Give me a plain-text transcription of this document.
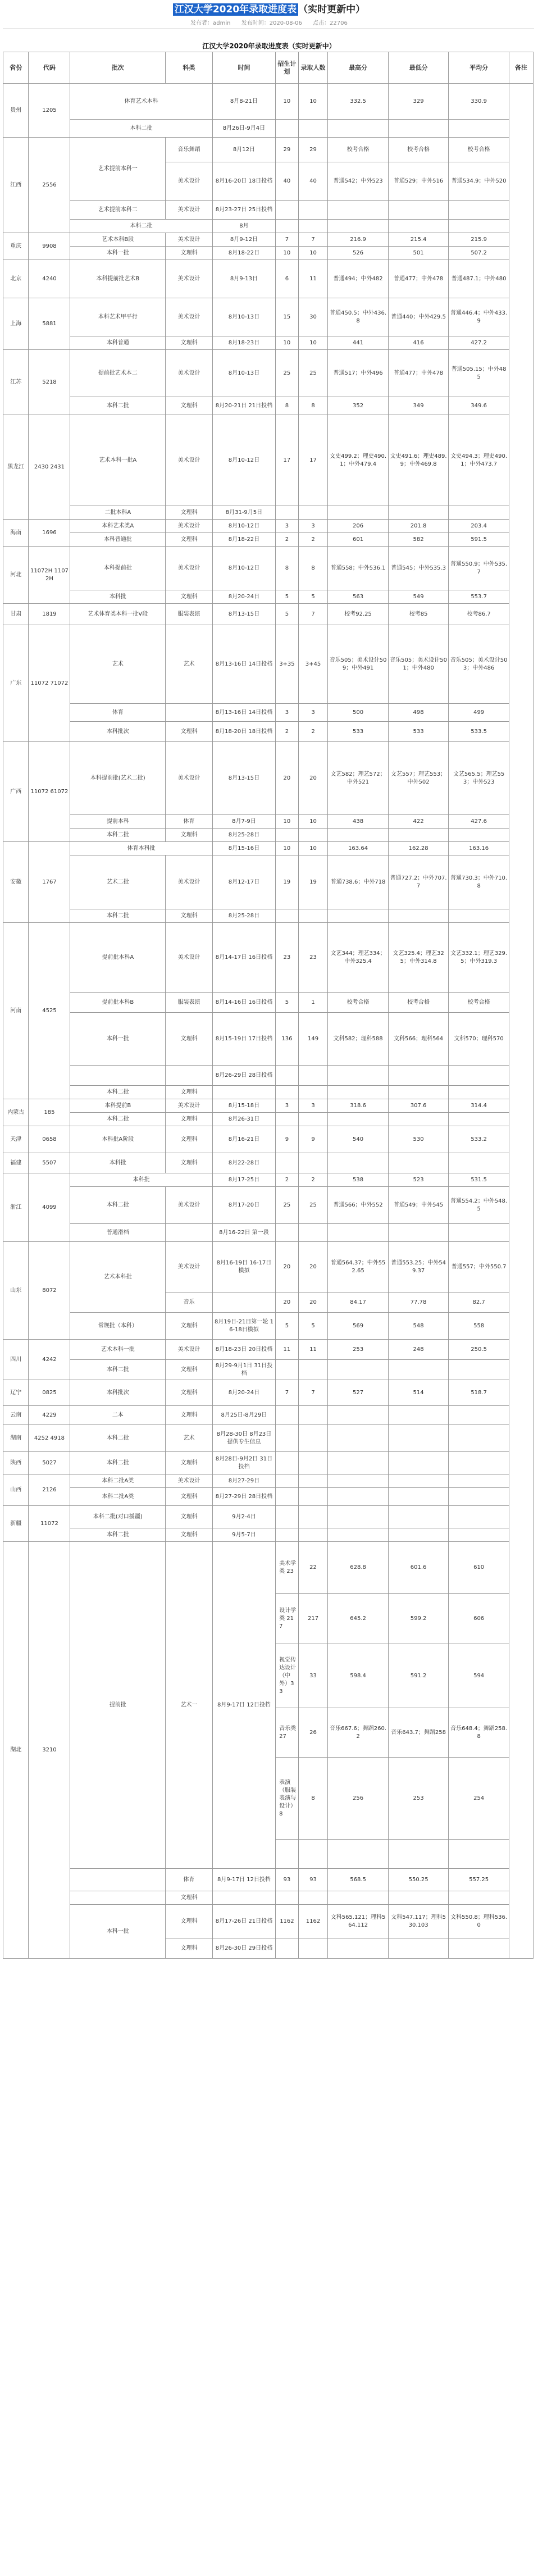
江汉大学2020年录取进度表 （实时更新中）
发布者：admin 发布时间：2020-08-06 点击：22706
江汉大学2020年录取进度表（实时更新中）
省份	代码	批次	科类	时间	招生计划	录取人数	最高分	最低分	平均分	备注
贵州	1205	体育艺术本科		8月8-21日	10	10	332.5	329	330.9	
		本科二批		8月26日-9月4日						
江西	2556	艺术提前本科一	音乐舞蹈	8月12日	29	29	校考合格	校考合格	校考合格	
			美术设计	8月16-20日 18日投档	40	40	普通542；中外523	普通529；中外516	普通534.9；中外520	
		艺术提前本科二	美术设计	8月23-27日 25日投档						
		本科二批		8月						
重庆	9908	艺术本科B段	美术设计	8月9-12日	7	7	216.9	215.4	215.9	
		本科一批	文理科	8月18-22日	10	10	526	501	507.2	
北京	4240	本科提前批艺术B	美术设计	8月9-13日	6	11	普通494；中外482	普通477；中外478	普通487.1；中外480	
上海	5881	本科艺术甲平行	美术设计	8月10-13日	15	30	普通450.5；中外436.8	普通440；中外429.5	普通446.4；中外433.9	
		本科普通	文理科	8月18-23日	10	10	441	416	427.2	
江苏	5218	提前批艺术本二	美术设计	8月10-13日	25	25	普通517；中外496	普通477；中外478	普通505.15；中外485	
		本科二批	文理科	8月20-21日 21日投档	8	8	352	349	349.6	
黑龙江	2430 2431	艺术本科一批A	美术设计	8月10-12日	17	17	文史499.2；理史490.1；中外479.4	文史491.6；理史489.9；中外469.8	文史494.3；理史490.1；中外473.7	
		二批本科A	文理科	8月31-9月5日						
海南	1696	本科艺术类A	美术设计	8月10-12日	3	3	206	201.8	203.4	
		本科普通批	文理科	8月18-22日	2	2	601	582	591.5	
河北	11072H 11072H	本科提前批	美术设计	8月10-12日	8	8	普通558；中外536.1	普通545；中外535.3	普通550.9；中外535.7	
		本科批	文理科	8月20-24日	5	5	563	549	553.7	
甘肃	1819	艺术体育类本科一批V段	服装表演	8月13-15日	5	7	校考92.25	校考85	校考86.7	
广东	11072 71072	艺术	艺术	8月13-16日 14日投档	3+35	3+45	音乐505；美术设计509；中外491	音乐505；美术设计501；中外480	音乐505；美术设计503；中外486	
		体育		8月13-16日 14日投档	3	3	500	498	499	
		本科批次	文理科	8月18-20日 18日投档	2	2	533	533	533.5	
广西	11072 61072	本科提前批(艺术二批)	美术设计	8月13-15日	20	20	文艺582；理艺572；中外521	文艺557；理艺553；中外502	文艺565.5；理艺553；中外523	
		提前本科	体育	8月7-9日	10	10	438	422	427.6	
		本科二批	文理科	8月25-28日						
安徽	1767	体育本科批		8月15-16日	10	10	163.64	162.28	163.16	
		艺术二批	美术设计	8月12-17日	19	19	普通738.6；中外718	普通727.2；中外707.7	普通730.3；中外710.8	
		本科二批	文理科	8月25-28日						
河南	4525	提前批本科A	美术设计	8月14-17日 16日投档	23	23	文艺344；理艺334；中外325.4	文艺325.4；理艺325；中外314.8	文艺332.1；理艺329.5；中外319.3	
		提前批本科B	服装表演	8月14-16日 16日投档	5	1	校考合格	校考合格	校考合格	
		本科一批	文理科	8月15-19日 17日投档	136	149	文科582；理科588	文科566；理科564	文科570；理科570	
				8月26-29日 28日投档						
		本科二批	文理科							
内蒙古	185	本科提前B	美术设计	8月15-18日	3	3	318.6	307.6	314.4	
		本科二批	文理科	8月26-31日						
天津	0658	本科批A阶段	文理科	8月16-21日	9	9	540	530	533.2	
福建	5507	本科批	文理科	8月22-28日						
浙江	4099	本科批		8月17-25日	2	2	538	523	531.5	
		本科二批	美术设计	8月17-20日	25	25	普通566；中外552	普通549；中外545	普通554.2；中外548.5	
		普通滑档		8月16-22日 第一段						
山东	8072	艺术本科批	美术设计	8月16-19日 16-17日模拟	20	20	普通564.37；中外552.65	普通553.25；中外549.37	普通557；中外550.7	
			音乐		20	20	84.17	77.78	82.7	
		常规批（本科）	文理科	8月19日-21日第一轮 16-18日模拟	5	5	569	548	558	
四川	4242	艺术本科一批	美术设计	8月18-23日 20日投档	11	11	253	248	250.5	
		本科二批	文理科	8月29-9月1日 31日投档						
辽宁	0825	本科批次	文理科	8月20-24日	7	7	527	514	518.7	
云南	4229	二本	文理科	8月25日-8月29日						
湖南	4252 4918	本科二批	艺术	8月28-30日 8月23日提供专生信息						
陕西	5027	本科二批	文理科	8月28日-9月2日 31日投档						
山西	2126	本科二批A类	美术设计	8月27-29日						
		本科二批A类	文理科	8月27-29日 28日投档						
新疆	11072	本科二批(对口援疆)	文理科	9月2-4日						
		本科二批	文理科	9月5-7日						
湖北	3210	提前批	艺术一	8月9-17日 12日投档	美术学类 23	22	628.8	601.6	610	
					设计学类 217	217	645.2	599.2	606	
					视觉传达设计（中外）33	33	598.4	591.2	594	
					音乐类 27	26	音乐667.6；舞蹈260.2	音乐643.7；舞蹈258	音乐648.4；舞蹈258.8	
					表演（服装表演与设计）8	8	256	253	254	

			体育	8月9-17日 12日投档	93	93	568.5	550.25	557.25	
			文理科							
		本科一批	文理科	8月17-26日 21日投档	1162	1162	文科565.121；理科564.112	文科547.117；理科530.103	文科550.8；理科536.0	
			文理科	8月26-30日 29日投档						
